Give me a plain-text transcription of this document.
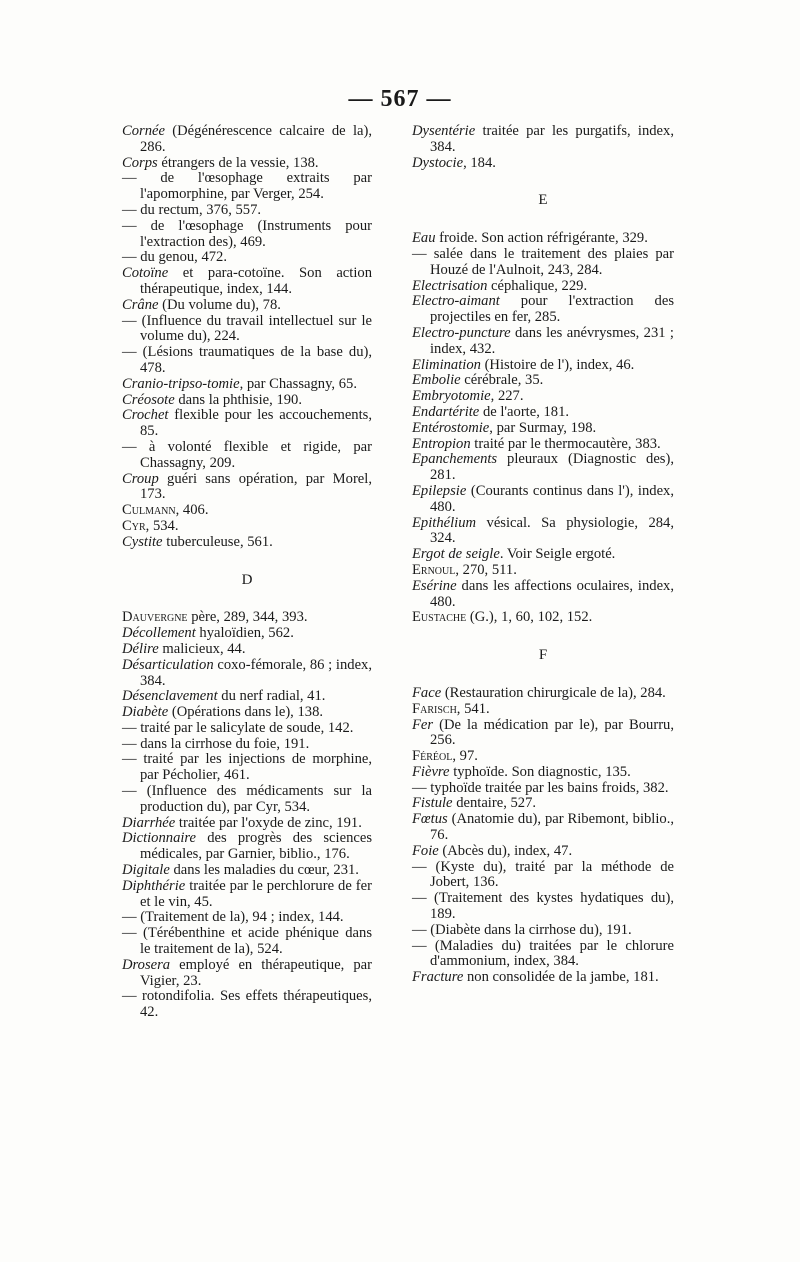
— 567 —

Cornée (Dégénérescence calcaire de la), 286.

Corps étrangers de la vessie, 138.

— de l'œsophage extraits par l'apomorphine, par Verger, 254.

— du rectum, 376, 557.

— de l'œsophage (Instruments pour l'extraction des), 469.

— du genou, 472.

Cotoïne et para-cotoïne. Son action thérapeutique, index, 144.

Crâne (Du volume du), 78.

— (Influence du travail intellectuel sur le volume du), 224.

— (Lésions traumatiques de la base du), 478.

Cranio-tripso-tomie, par Chassagny, 65.

Créosote dans la phthisie, 190.

Crochet flexible pour les accouchements, 85.

— à volonté flexible et rigide, par Chassagny, 209.

Croup guéri sans opération, par Morel, 173.

Culmann, 406.

Cyr, 534.

Cystite tuberculeuse, 561.

D

Dauvergne père, 289, 344, 393.

Décollement hyaloïdien, 562.

Délire malicieux, 44.

Désarticulation coxo-fémorale, 86 ; index, 384.

Désenclavement du nerf radial, 41.

Diabète (Opérations dans le), 138.

— traité par le salicylate de soude, 142.

— dans la cirrhose du foie, 191.

— traité par les injections de morphine, par Pécholier, 461.

— (Influence des médicaments sur la production du), par Cyr, 534.

Diarrhée traitée par l'oxyde de zinc, 191.

Dictionnaire des progrès des sciences médicales, par Garnier, biblio., 176.

Digitale dans les maladies du cœur, 231.

Diphthérie traitée par le perchlorure de fer et le vin, 45.

— (Traitement de la), 94 ; index, 144.

— (Térébenthine et acide phénique dans le traitement de la), 524.

Drosera employé en thérapeutique, par Vigier, 23.

— rotondifolia. Ses effets thérapeutiques, 42.

Dysentérie traitée par les purgatifs, index, 384.

Dystocie, 184.

E

Eau froide. Son action réfrigérante, 329.

— salée dans le traitement des plaies par Houzé de l'Aulnoit, 243, 284.

Electrisation céphalique, 229.

Electro-aimant pour l'extraction des projectiles en fer, 285.

Electro-puncture dans les anévrysmes, 231 ; index, 432.

Elimination (Histoire de l'), index, 46.

Embolie cérébrale, 35.

Embryotomie, 227.

Endartérite de l'aorte, 181.

Entérostomie, par Surmay, 198.

Entropion traité par le thermocautère, 383.

Epanchements pleuraux (Diagnostic des), 281.

Epilepsie (Courants continus dans l'), index, 480.

Epithélium vésical. Sa physiologie, 284, 324.

Ergot de seigle. Voir Seigle ergoté.

Ernoul, 270, 511.

Esérine dans les affections oculaires, index, 480.

Eustache (G.), 1, 60, 102, 152.

F

Face (Restauration chirurgicale de la), 284.

Farisch, 541.

Fer (De la médication par le), par Bourru, 256.

Féréol, 97.

Fièvre typhoïde. Son diagnostic, 135.

— typhoïde traitée par les bains froids, 382.

Fistule dentaire, 527.

Fœtus (Anatomie du), par Ribemont, biblio., 76.

Foie (Abcès du), index, 47.

— (Kyste du), traité par la méthode de Jobert, 136.

— (Traitement des kystes hydatiques du), 189.

— (Diabète dans la cirrhose du), 191.

— (Maladies du) traitées par le chlorure d'ammonium, index, 384.

Fracture non consolidée de la jambe, 181.
